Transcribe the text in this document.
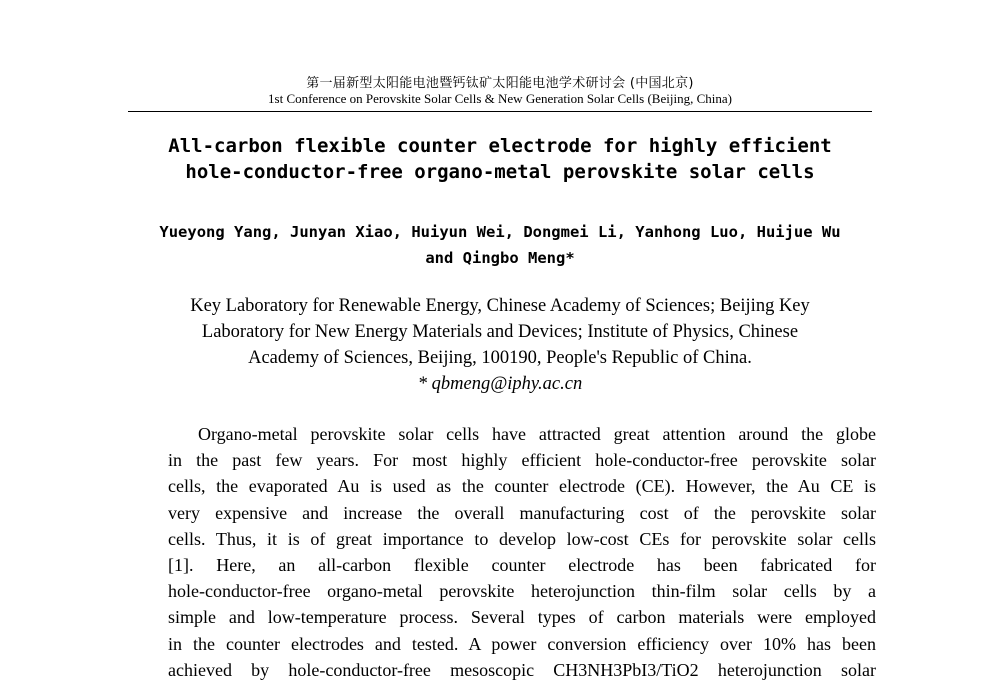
第一届新型太阳能电池暨钙钛矿太阳能电池学术研讨会 (中国北京)
1st Conference on Perovskite Solar Cells & New Generation Solar Cells (Beijing, China)
All-carbon flexible counter electrode for highly efficient
hole-conductor-free organo-metal perovskite solar cells
Yueyong Yang, Junyan Xiao, Huiyun Wei, Dongmei Li, Yanhong Luo, Huijue Wu
and Qingbo Meng*
Key Laboratory for Renewable Energy, Chinese Academy of Sciences; Beijing Key
Laboratory for New Energy Materials and Devices; Institute of Physics, Chinese
Academy of Sciences, Beijing, 100190, People's Republic of China.
* qbmeng@iphy.ac.cn
Organo-metal perovskite solar cells have attracted great attention around the globe
in the past few years. For most highly efficient hole-conductor-free perovskite solar
cells, the evaporated Au is used as the counter electrode (CE). However, the Au CE is
very expensive and increase the overall manufacturing cost of the perovskite solar
cells. Thus, it is of great importance to develop low-cost CEs for perovskite solar cells
[1]. Here, an all-carbon flexible counter electrode has been fabricated for
hole-conductor-free organo-metal perovskite heterojunction thin-film solar cells by a
simple and low-temperature process. Several types of carbon materials were employed
in the counter electrodes and tested. A power conversion efficiency over 10% has been
achieved by hole-conductor-free mesoscopic CH3NH3PbI3/TiO2 heterojunction solar
